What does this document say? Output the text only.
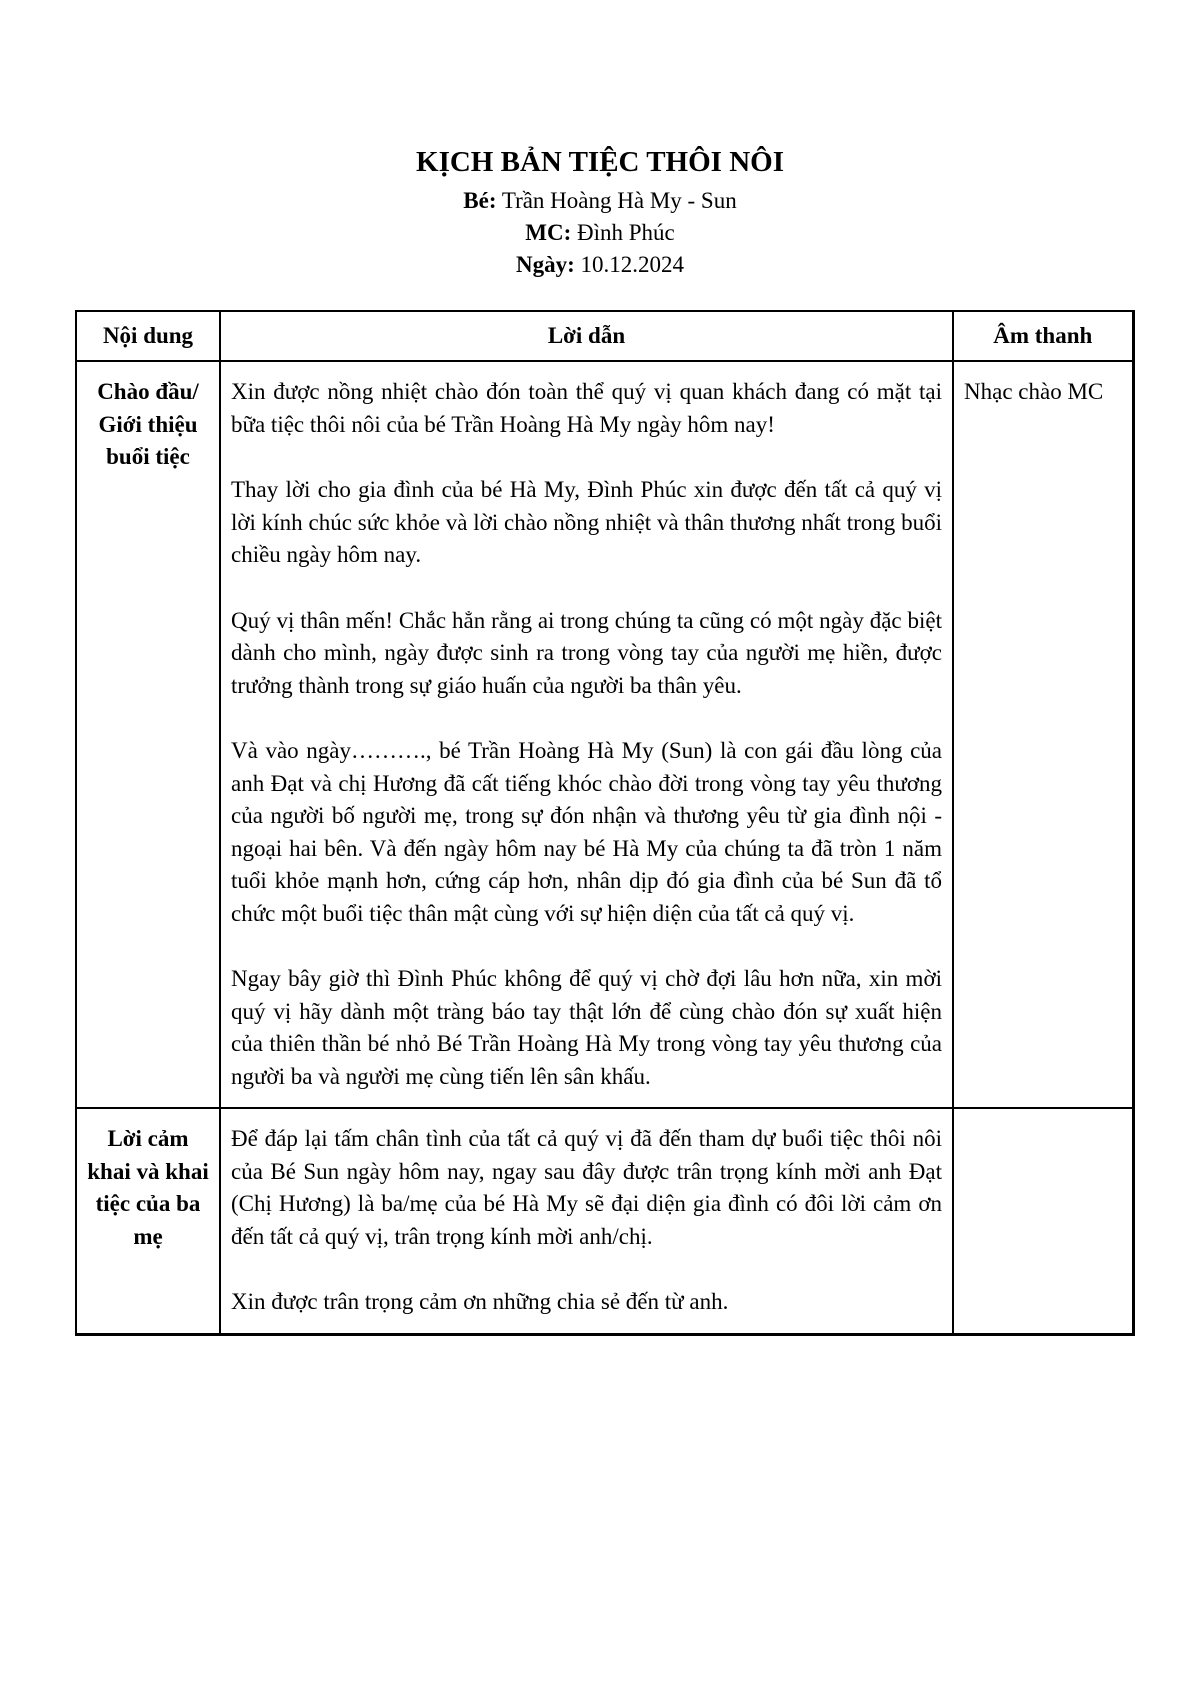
KỊCH BẢN TIỆC THÔI NÔI
Bé: Trần Hoàng Hà My - Sun
MC: Đình Phúc
Ngày: 10.12.2024
Nội dung	Lời dẫn	Âm thanh
Chào đầu/ Giới thiệu buổi tiệc	Xin được nồng nhiệt chào đón toàn thể quý vị quan khách đang có mặt tại bữa tiệc thôi nôi của bé Trần Hoàng Hà My ngày hôm nay!

Thay lời cho gia đình của bé Hà My, Đình Phúc xin được đến tất cả quý vị lời kính chúc sức khỏe và lời chào nồng nhiệt và thân thương nhất trong buổi chiều ngày hôm nay.

Quý vị thân mến! Chắc hẳn rằng ai trong chúng ta cũng có một ngày đặc biệt dành cho mình, ngày được sinh ra trong vòng tay của người mẹ hiền, được trưởng thành trong sự giáo huấn của người ba thân yêu.

Và vào ngày………., bé Trần Hoàng Hà My (Sun) là con gái đầu lòng của anh Đạt và chị Hương đã cất tiếng khóc chào đời trong vòng tay yêu thương của người bố người mẹ, trong sự đón nhận và thương yêu từ gia đình nội - ngoại hai bên. Và đến ngày hôm nay bé Hà My của chúng ta đã tròn 1 năm tuổi khỏe mạnh hơn, cứng cáp hơn, nhân dịp đó gia đình của bé Sun đã tổ chức một buổi tiệc thân mật cùng với sự hiện diện của tất cả quý vị.

Ngay bây giờ thì Đình Phúc không để quý vị chờ đợi lâu hơn nữa, xin mời quý vị hãy dành một tràng báo tay thật lớn để cùng chào đón sự xuất hiện của thiên thần bé nhỏ Bé Trần Hoàng Hà My trong vòng tay yêu thương của người ba và người mẹ cùng tiến lên sân khấu.	Nhạc chào MC
Lời cảm khai và khai tiệc của ba mẹ	Để đáp lại tấm chân tình của tất cả quý vị đã đến tham dự buổi tiệc thôi nôi của Bé Sun ngày hôm nay, ngay sau đây được trân trọng kính mời anh Đạt (Chị Hương) là ba/mẹ của bé Hà My sẽ đại diện gia đình có đôi lời cảm ơn đến tất cả quý vị, trân trọng kính mời anh/chị.

Xin được trân trọng cảm ơn những chia sẻ đến từ anh.	
